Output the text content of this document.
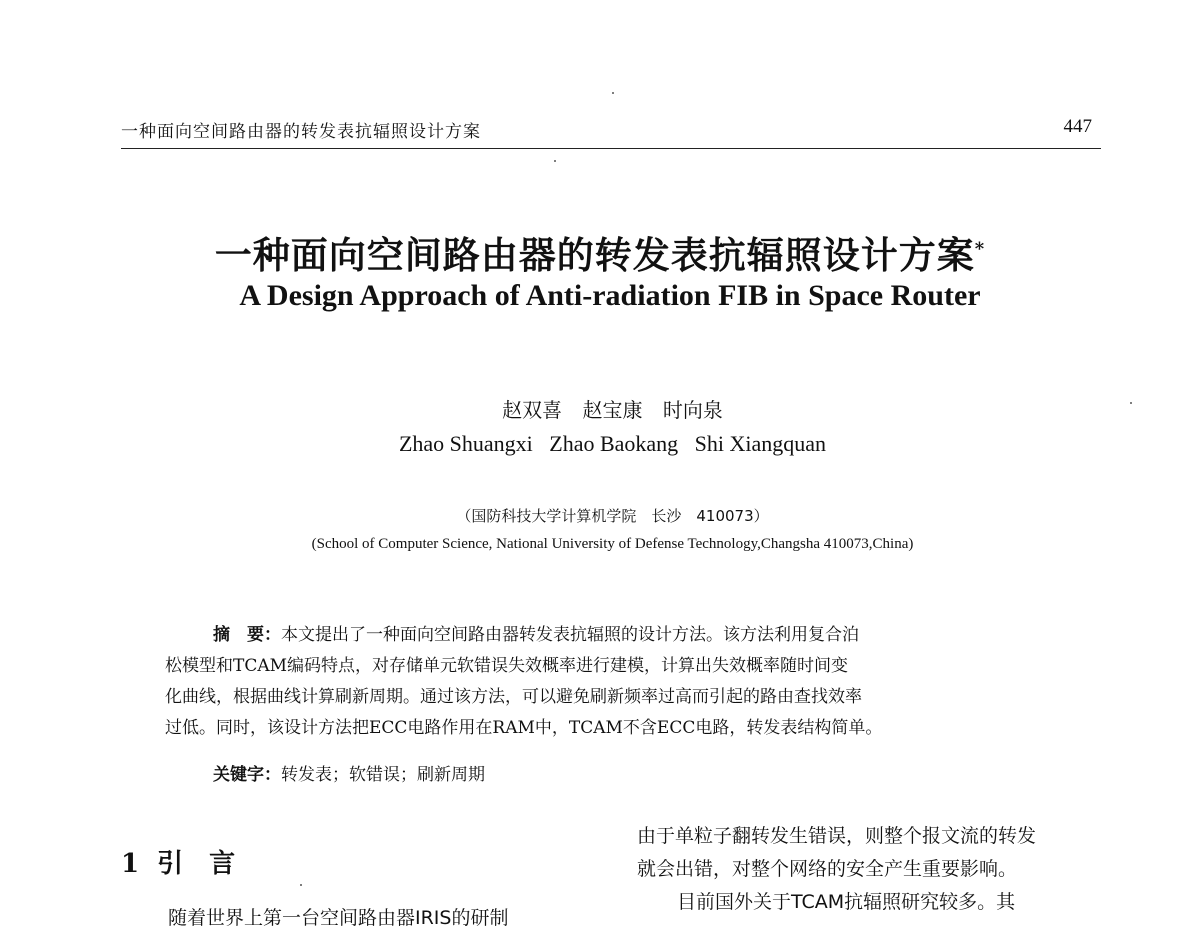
一种面向空间路由器的转发表抗辐照设计方案	447
一种面向空间路由器的转发表抗辐照设计方案*
A Design Approach of Anti-radiation FIB in Space Router
赵双喜 赵宝康 时向泉
Zhao Shuangxi   Zhao Baokang   Shi Xiangquan
（国防科技大学计算机学院　长沙　410073）
(School of Computer Science, National University of Defense Technology,Changsha 410073,China)
摘　要：本文提出了一种面向空间路由器转发表抗辐照的设计方法。该方法利用复合泊
松模型和TCAM编码特点，对存储单元软错误失效概率进行建模，计算出失效概率随时间变
化曲线，根据曲线计算刷新周期。通过该方法，可以避免刷新频率过高而引起的路由查找效率
过低。同时，该设计方法把ECC电路作用在RAM中，TCAM不含ECC电路，转发表结构简单。
关键字：转发表；软错误；刷新周期
1 引言
随着世界上第一台空间路由器IRIS的研制
由于单粒子翻转发生错误，则整个报文流的转发
就会出错，对整个网络的安全产生重要影响。
目前国外关于TCAM抗辐照研究较多。其
